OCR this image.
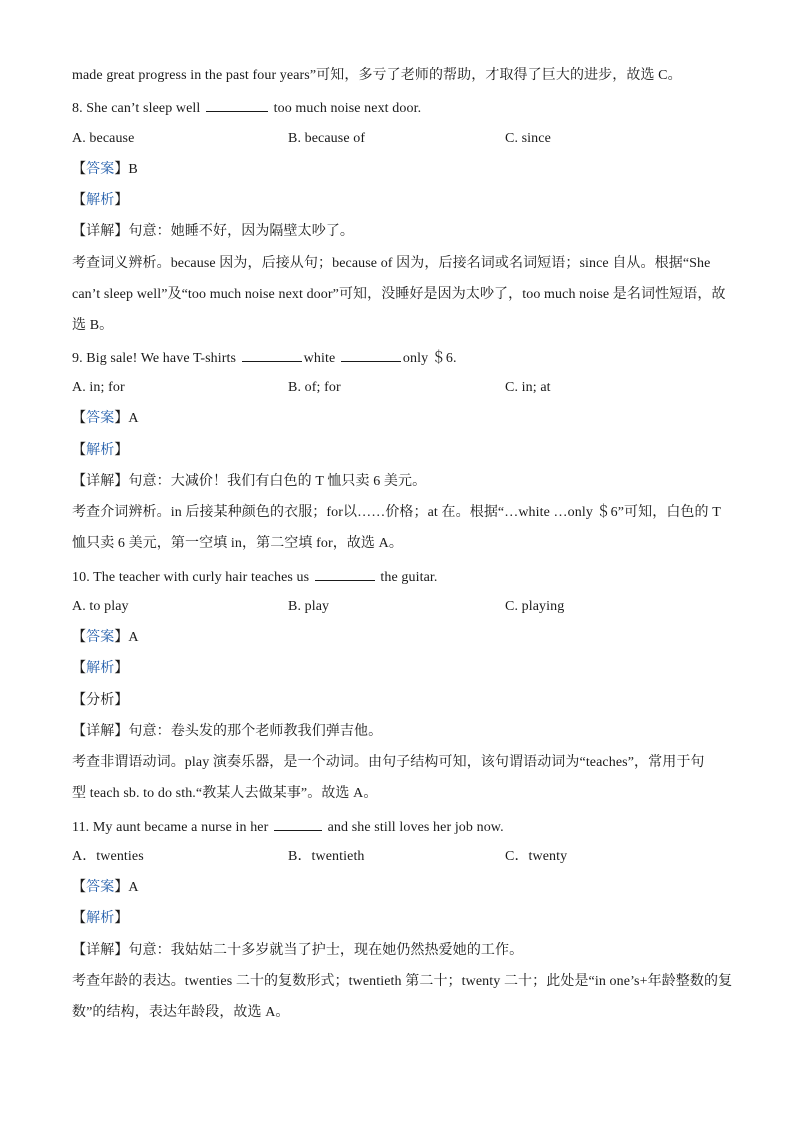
made great progress in the past four years”可知，多亏了老师的帮助，才取得了巨大的进步，故选 C。
8. She can’t sleep well	too much noise next door.
A. because	B. because of	C. since
【答案】B
【解析】
【详解】句意：她睡不好，因为隔壁太吵了。
考查词义辨析。because 因为，后接从句；because of 因为，后接名词或名词短语；since 自从。根据“She
can’t sleep well”及“too much noise next door”可知，没睡好是因为太吵了，too much noise 是名词性短语，故
选 B。
9. Big sale! We have T-shirts	white	only ＄6.
A. in; for	B. of; for	C. in; at
【答案】A
【解析】
【详解】句意：大减价！我们有白色的 T 恤只卖 6 美元。
考查介词辨析。in 后接某种颜色的衣服；for以……价格；at 在。根据“…white …only ＄6”可知，白色的 T
恤只卖 6 美元，第一空填 in，第二空填 for，故选 A。
10. The teacher with curly hair teaches us	the guitar.
A. to play	B. play	C. playing
【答案】A
【解析】
【分析】
【详解】句意：卷头发的那个老师教我们弹吉他。
考查非谓语动词。play 演奏乐器，是一个动词。由句子结构可知，该句谓语动词为“teaches”，常用于句
型 teach sb. to do sth.“教某人去做某事”。故选 A。
11. My aunt became a nurse in her	and she still loves her job now.
A．twenties	B．twentieth	C．twenty
【答案】A
【解析】
【详解】句意：我姑姑二十多岁就当了护士，现在她仍然热爱她的工作。
考查年龄的表达。twenties 二十的复数形式；twentieth 第二十；twenty 二十；此处是“in one’s+年龄整数的复
数”的结构，表达年龄段，故选 A。
